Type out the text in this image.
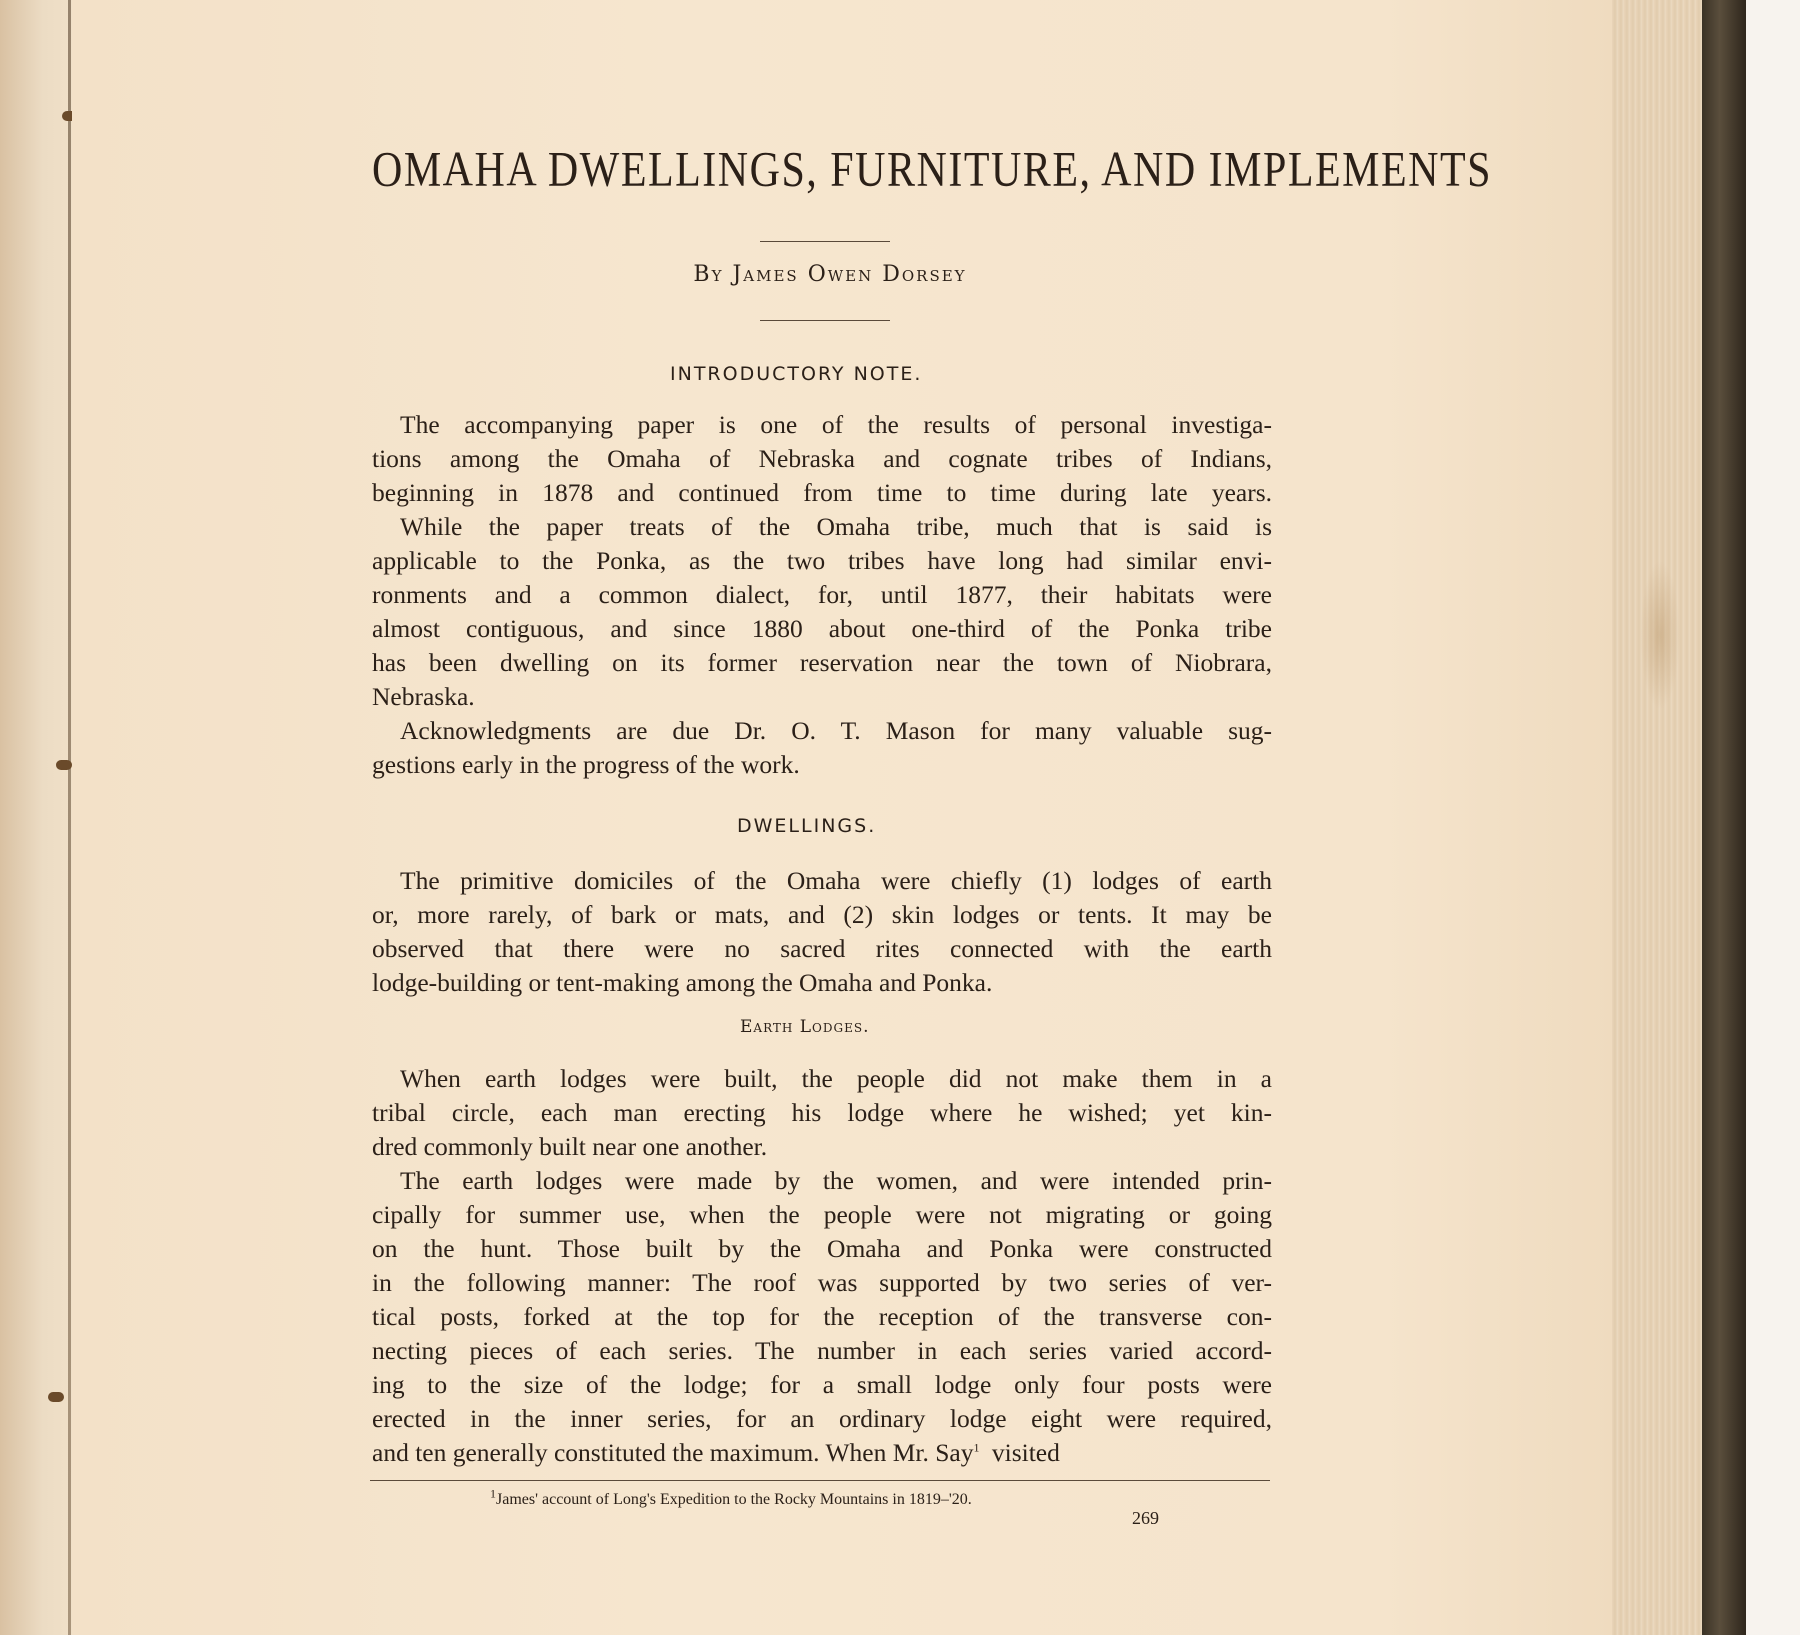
OMAHA DWELLINGS, FURNITURE, AND IMPLEMENTS
By James Owen Dorsey
INTRODUCTORY NOTE.
The accompanying paper is one of the results of personal investiga-
tions among the Omaha of Nebraska and cognate tribes of Indians,
beginning in 1878 and continued from time to time during late years.
While the paper treats of the Omaha tribe, much that is said is
applicable to the Ponka, as the two tribes have long had similar envi-
ronments and a common dialect, for, until 1877, their habitats were
almost contiguous, and since 1880 about one-third of the Ponka tribe
has been dwelling on its former reservation near the town of Niobrara,
Nebraska.
Acknowledgments are due Dr. O. T. Mason for many valuable sug-
gestions early in the progress of the work.
DWELLINGS.
The primitive domiciles of the Omaha were chiefly (1) lodges of earth
or, more rarely, of bark or mats, and (2) skin lodges or tents. It may be
observed that there were no sacred rites connected with the earth
lodge-building or tent-making among the Omaha and Ponka.
Earth Lodges.
When earth lodges were built, the people did not make them in a
tribal circle, each man erecting his lodge where he wished; yet kin-
dred commonly built near one another.
The earth lodges were made by the women, and were intended prin-
cipally for summer use, when the people were not migrating or going
on the hunt. Those built by the Omaha and Ponka were constructed
in the following manner: The roof was supported by two series of ver-
tical posts, forked at the top for the reception of the transverse con-
necting pieces of each series. The number in each series varied accord-
ing to the size of the lodge; for a small lodge only four posts were
erected in the inner series, for an ordinary lodge eight were required,
and ten generally constituted the maximum. When Mr. Say$^1$ visited
$^1$James' account of Long's Expedition to the Rocky Mountains in 1819–'20.
269
